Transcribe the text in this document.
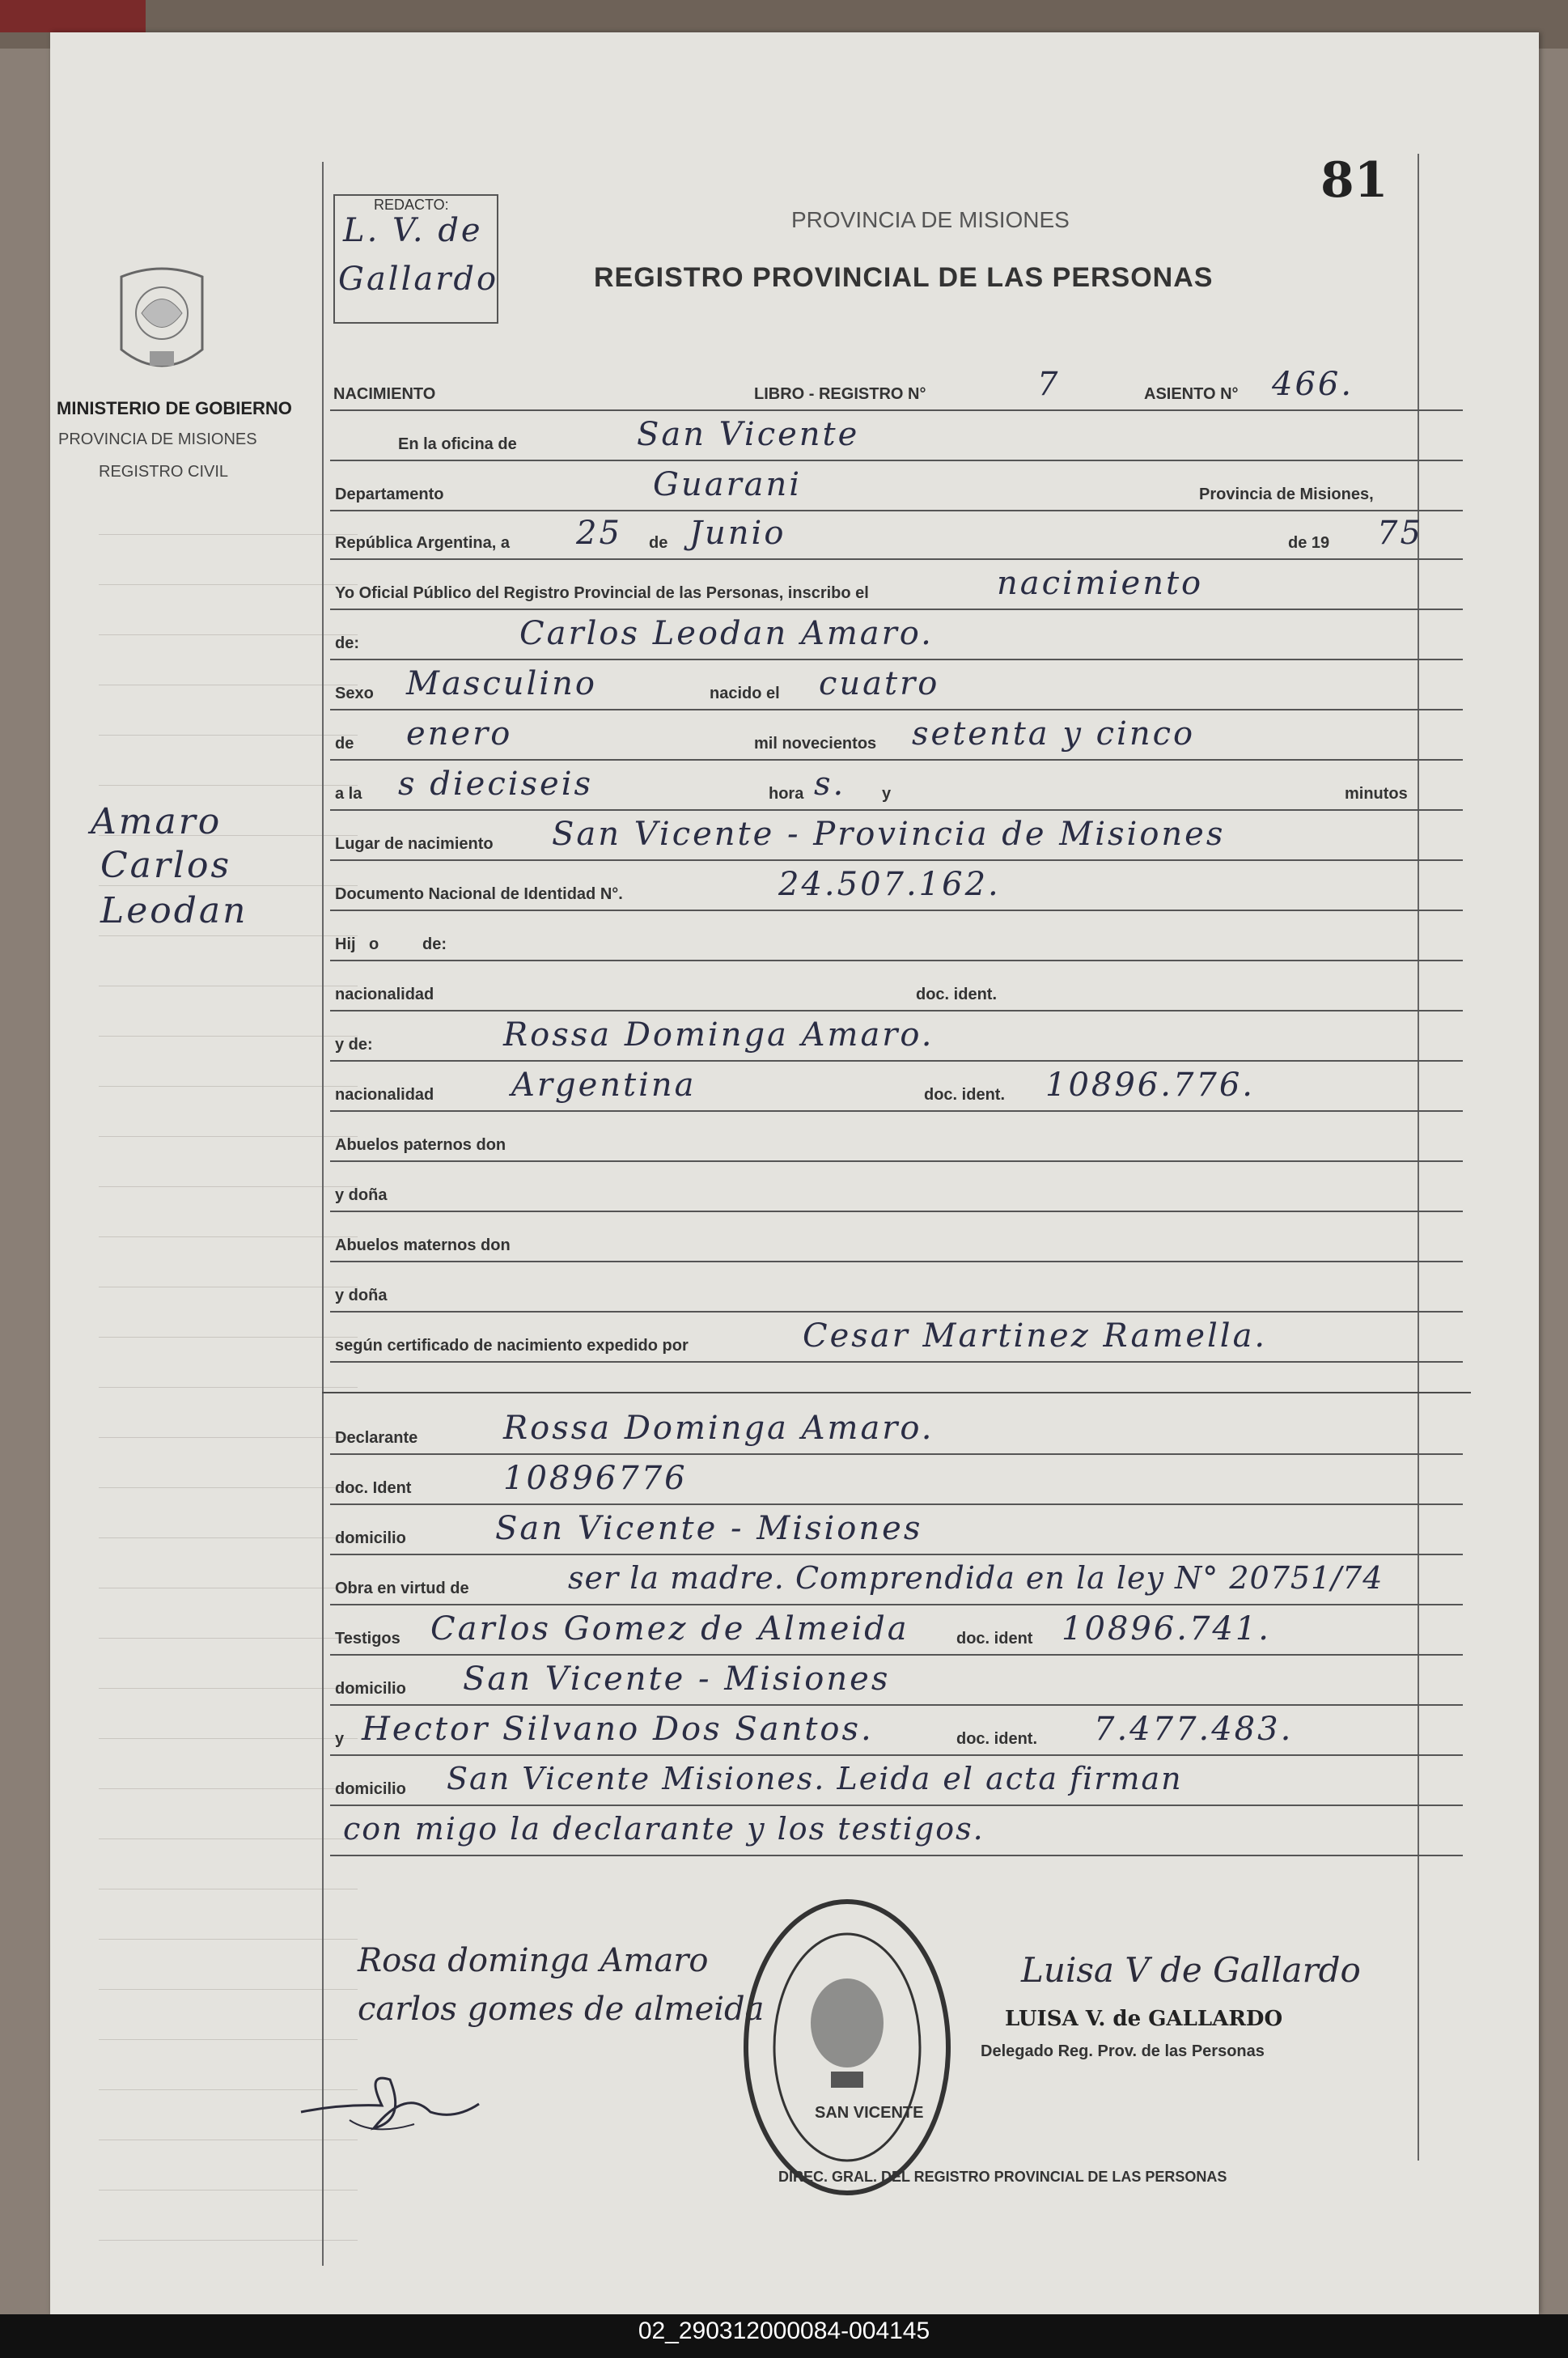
MINISTERIO DE GOBIERNO
PROVINCIA DE MISIONES
REGISTRO CIVIL
Amaro
Carlos
Leodan
81
REDACTO:
L. V. de
Gallardo
PROVINCIA DE MISIONES
REGISTRO PROVINCIAL DE LAS PERSONAS
NACIMIENTO	LIBRO - REGISTRO N°	7	ASIENTO N° 466.
En la oficina de	San Vicente
Departamento	Guarani	Provincia de Misiones,
República Argentina, a 25 de Junio	de 19 75
Yo Oficial Público del Registro Provincial de las Personas, inscribo el	nacimiento
de:	Carlos Leodan Amaro.
Sexo Masculino	nacido el cuatro
de enero	mil novecientos setenta y cinco
a la s dieciseis	hora s. y	minutos
Lugar de nacimiento San Vicente - Provincia de Misiones
Documento Nacional de Identidad N°.	24.507.162.
Hij o	de:
nacionalidad	doc. ident.
y de:	Rossa Dominga Amaro.
nacionalidad Argentina	doc. ident. 10896.776.
Abuelos paternos don
y doña
Abuelos maternos don
y doña
según certificado de nacimiento expedido por	Cesar Martinez Ramella.
Declarante	Rossa Dominga Amaro.
doc. Ident	10896776
domicilio	San Vicente - Misiones
Obra en virtud de	ser la madre. Comprendida en la ley N° 20751/74
Testigos Carlos Gomez de Almeida	doc. ident 10896.741.
domicilio San Vicente - Misiones
y Hector Silvano Dos Santos.	doc. ident. 7.477.483.
domicilio San Vicente Misiones. Leida el acta firman
con migo la declarante y los testigos.
Rosa dominga Amaro
carlos gomes de almeida
DIREC. GRAL. DEL REGISTRO PROVINCIAL DE LAS PERSONAS
SAN VICENTE
Luisa V de Gallardo
LUISA V. de GALLARDO
Delegado Reg. Prov. de las Personas
02_290312000084-004145
